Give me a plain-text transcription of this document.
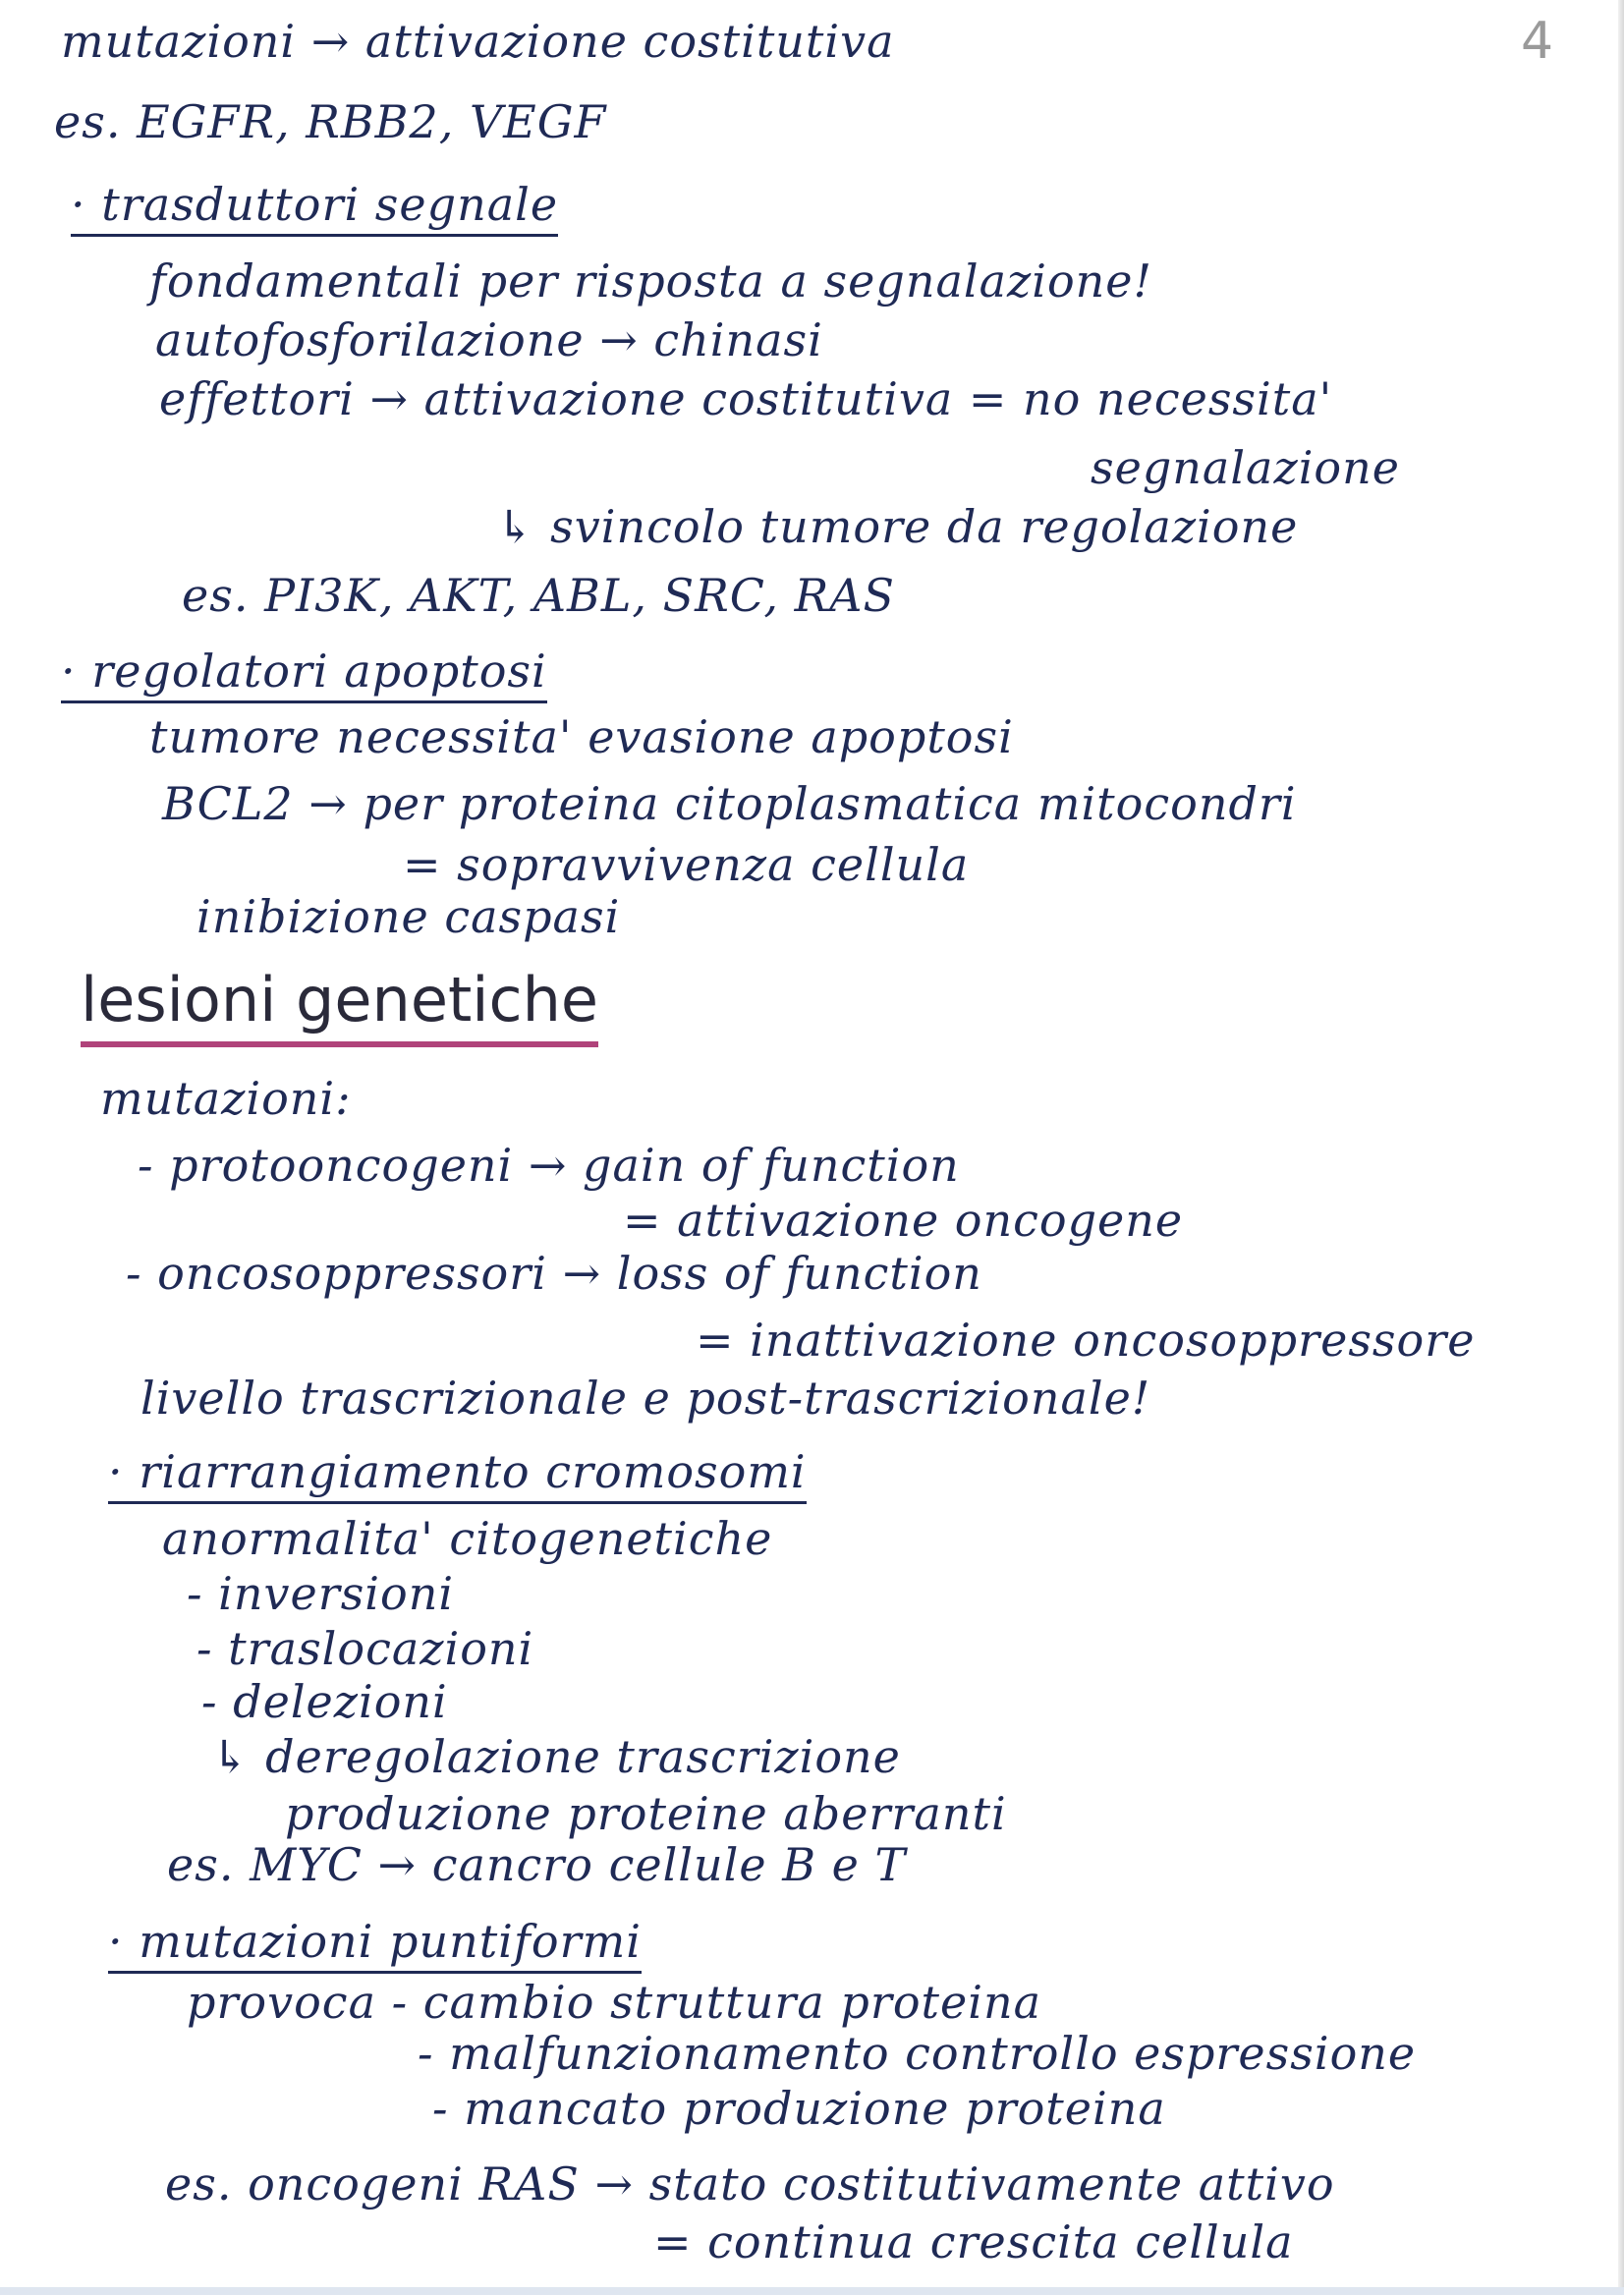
4
mutazioni → attivazione costitutiva
es. EGFR, RBB2, VEGF
· trasduttori segnale
fondamentali per risposta a segnalazione!
autofosforilazione → chinasi
effettori → attivazione costitutiva = no necessita'
segnalazione
↳ svincolo tumore da regolazione
es. PI3K, AKT, ABL, SRC, RAS
· regolatori apoptosi
tumore necessita' evasione apoptosi
BCL2 → per proteina citoplasmatica mitocondri
= sopravvivenza cellula
inibizione caspasi
lesioni genetiche
mutazioni:
- protooncogeni → gain of function
= attivazione oncogene
- oncosoppressori → loss of function
= inattivazione oncosoppressore
livello trascrizionale e post-trascrizionale!
· riarrangiamento cromosomi
anormalita' citogenetiche
- inversioni
- traslocazioni
- delezioni
↳ deregolazione trascrizione
produzione proteine aberranti
es. MYC → cancro cellule B e T
· mutazioni puntiformi
provoca - cambio struttura proteina
- malfunzionamento controllo espressione
- mancato produzione proteina
es. oncogeni RAS → stato costitutivamente attivo
= continua crescita cellula
